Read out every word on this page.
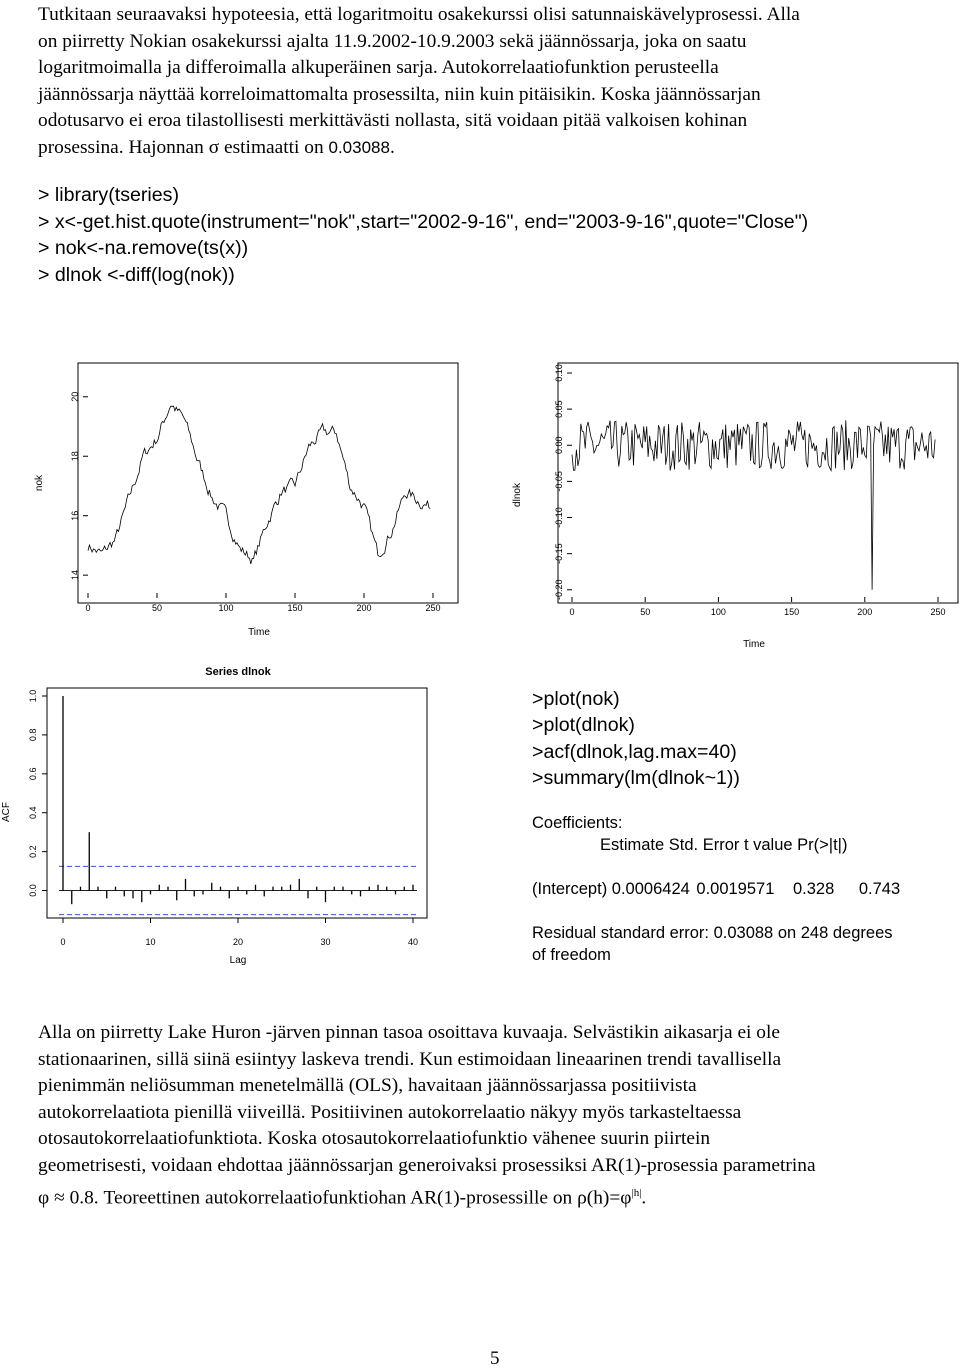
Tutkitaan seuraavaksi hypoteesia, että logaritmoitu osakekurssi olisi satunnaiskävelyprosessi. Alla
on piirretty Nokian osakekurssi ajalta 11.9.2002-10.9.2003 sekä jäännössarja, joka on saatu
logaritmoimalla ja differoimalla alkuperäinen sarja. Autokorrelaatiofunktion perusteella
jäännössarja näyttää korreloimattomalta prosessilta, niin kuin pitäisikin. Koska jäännössarjan
odotusarvo ei eroa tilastollisesti merkittävästi nollasta, sitä voidaan pitää valkoisen kohinan
prosessina. Hajonnan σ estimaatti on 0.03088.
> library(tseries)
> x<-get.hist.quote(instrument="nok",start="2002-9-16", end="2003-9-16",quote="Close")
> nok<-na.remove(ts(x))
> dlnok <-diff(log(nok))
14
16
18
20
0	50	100	150	200	250
nok
Time
-0.20
-0.15
-0.10
-0.05
0.00
0.05
0.10
0	50	100	150	200	250
dlnok
Time
Series dlnok
0.0
0.2
0.4
0.6
0.8
1.0
0	10	20	30	40
ACF
Lag
>plot(nok)
>plot(dlnok)
>acf(dlnok,lag.max=40)
>summary(lm(dlnok~1))
Coefficients:
Estimate Std. Error t value Pr(>|t|)
(Intercept) 0.0006424 0.0019571 0.328 0.743
Residual standard error: 0.03088 on 248 degrees
of freedom
Alla on piirretty Lake Huron -järven pinnan tasoa osoittava kuvaaja. Selvästikin aikasarja ei ole
stationaarinen, sillä siinä esiintyy laskeva trendi. Kun estimoidaan lineaarinen trendi tavallisella
pienimmän neliösumman menetelmällä (OLS), havaitaan jäännössarjassa positiivista
autokorrelaatiota pienillä viiveillä. Positiivinen autokorrelaatio näkyy myös tarkasteltaessa
otosautokorrelaatiofunktiota. Koska otosautokorrelaatiofunktio vähenee suurin piirtein
geometrisesti, voidaan ehdottaa jäännössarjan generoivaksi prosessiksi AR(1)-prosessia parametrina
φ ≈ 0.8. Teoreettinen autokorrelaatiofunktiohan AR(1)-prosessille on $\rho(h)=\varphi^{|h|}$.
5
